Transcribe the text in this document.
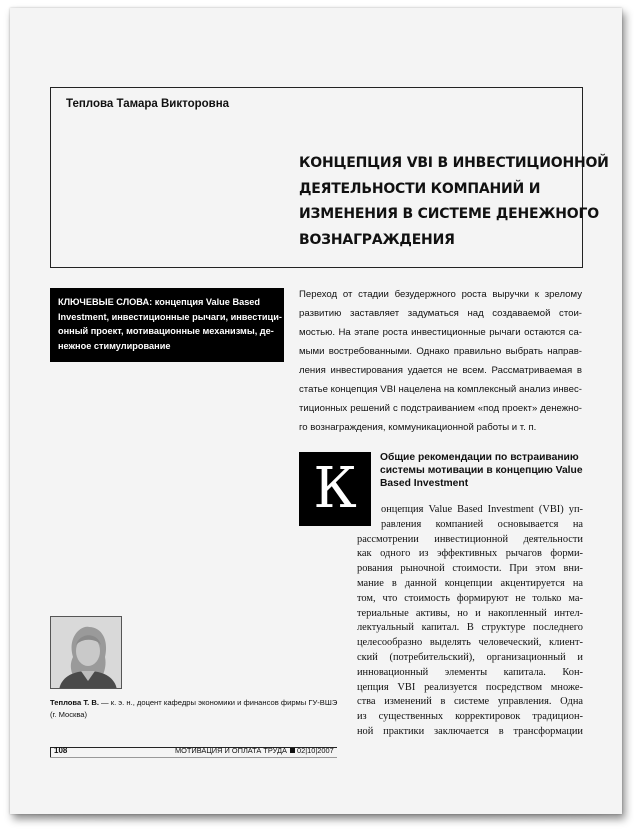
Теплова Тамара Викторовна
КОНЦЕПЦИЯ VBI В ИНВЕСТИЦИОННОЙ
ДЕЯТЕЛЬНОСТИ КОМПАНИЙ И
ИЗМЕНЕНИЯ В СИСТЕМЕ ДЕНЕЖНОГО
ВОЗНАГРАЖДЕНИЯ
КЛЮЧЕВЫЕ СЛОВА: концепция Value Based
Investment, инвестиционные рычаги, инвестици-
онный проект, мотивационные механизмы, де-
нежное стимулирование
Переход от стадии безудержного роста выручки к зрелому
развитию заставляет задуматься над создаваемой стои-
мостью. На этапе роста инвестиционные рычаги остаются са-
мыми востребованными. Однако правильно выбрать направ-
ления инвестирования удается не всем. Рассматриваемая в
статье концепция VBI нацелена на комплексный анализ инвес-
тиционных решений с подстраиванием «под проект» денежно-
го вознаграждения, коммуникационной работы и т. п.
К	Общие рекомендации по встраиванию
системы мотивации в концепцию Value
Based Investment
онцепция Value Based Investment (VBI) уп-
равления компанией основывается на
рассмотрении инвестиционной деятельности
как одного из эффективных рычагов форми-
рования рыночной стоимости. При этом вни-
мание в данной концепции акцентируется на
том, что стоимость формируют не только ма-
териальные активы, но и накопленный интел-
лектуальный капитал. В структуре последнего
целесообразно выделять человеческий, клиент-
ский (потребительский), организационный и
инновационный элементы капитала. Кон-
цепция VBI реализуется посредством множе-
ства изменений в системе управления. Одна
из существенных корректировок традицион-
ной практики заключается в трансформации
Теплова Т. В. — к. э. н., доцент кафедры экономики и финансов фирмы ГУ-ВШЭ
(г. Москва)
108	МОТИВАЦИЯ И ОПЛАТА ТРУДА 02|10|2007
